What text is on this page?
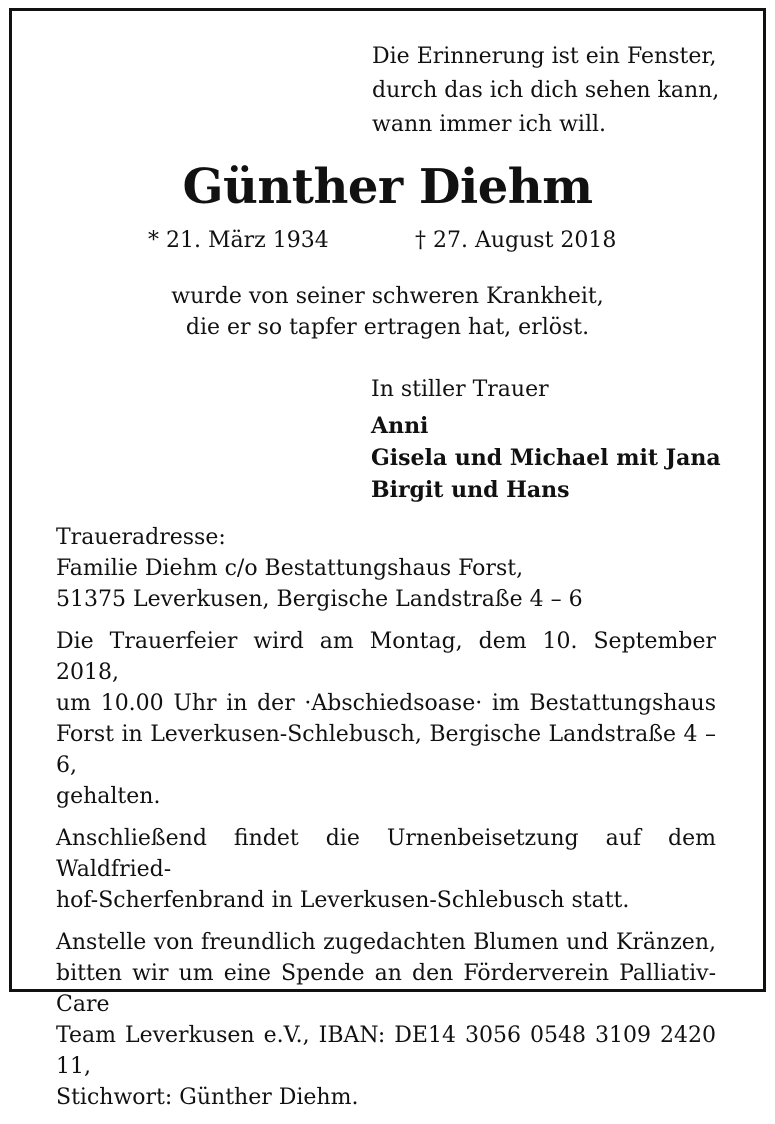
Die Erinnerung ist ein Fenster,
durch das ich dich sehen kann,
wann immer ich will.
Günther Diehm
* 21. März 1934	† 27. August 2018
wurde von seiner schweren Krankheit,
die er so tapfer ertragen hat, erlöst.
In stiller Trauer
Anni
Gisela und Michael mit Jana
Birgit und Hans

Traueradresse:
Familie Diehm c/o Bestattungshaus Forst,
51375 Leverkusen, Bergische Landstraße 4 – 6

Die Trauerfeier wird am Montag, dem 10. September 2018,
um 10.00 Uhr in der ·Abschiedsoase· im Bestattungshaus
Forst in Leverkusen-Schlebusch, Bergische Landstraße 4 – 6,
gehalten.

Anschließend findet die Urnenbeisetzung auf dem Waldfried-
hof-Scherfenbrand in Leverkusen-Schlebusch statt.

Anstelle von freundlich zugedachten Blumen und Kränzen,
bitten wir um eine Spende an den Förderverein Palliativ-Care
Team Leverkusen e.V., IBAN: DE14 3056 0548 3109 2420 11,
Stichwort: Günther Diehm.
